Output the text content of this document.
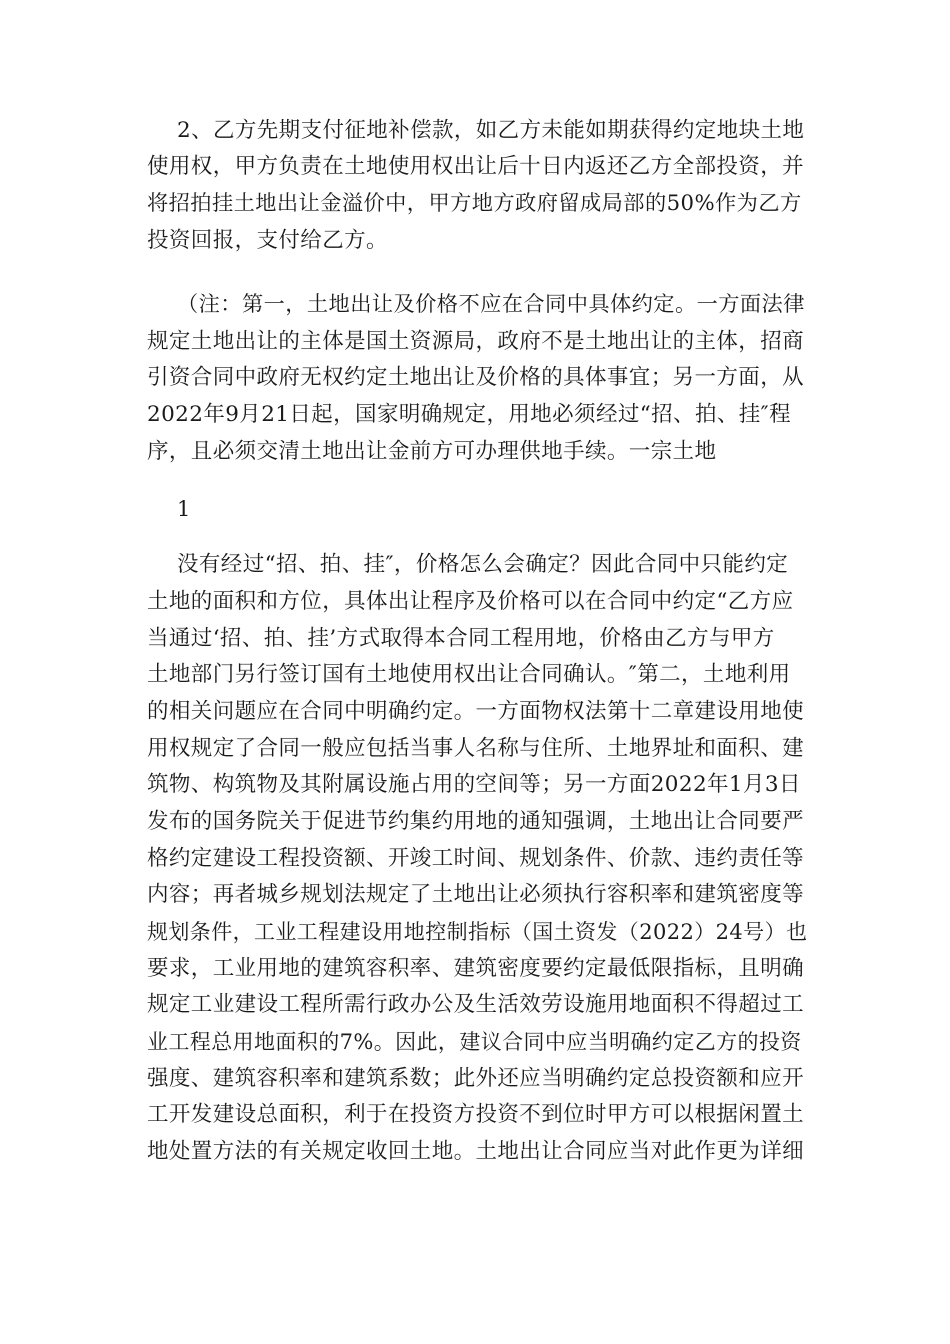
2、乙方先期支付征地补偿款，如乙方未能如期获得约定地块土地
使用权，甲方负责在土地使用权出让后十日内返还乙方全部投资，并
将招拍挂土地出让金溢价中，甲方地方政府留成局部的50%作为乙方
投资回报，支付给乙方。
（注：第一，土地出让及价格不应在合同中具体约定。一方面法律
规定土地出让的主体是国土资源局，政府不是土地出让的主体，招商
引资合同中政府无权约定土地出让及价格的具体事宜；另一方面，从
2022年9月21日起，国家明确规定，用地必须经过“招、拍、挂″程
序，且必须交清土地出让金前方可办理供地手续。一宗土地
1
没有经过“招、拍、挂″，价格怎么会确定？因此合同中只能约定
土地的面积和方位，具体出让程序及价格可以在合同中约定“乙方应
当通过‘招、拍、挂’方式取得本合同工程用地，价格由乙方与甲方
土地部门另行签订国有土地使用权出让合同确认。″第二，土地利用
的相关问题应在合同中明确约定。一方面物权法第十二章建设用地使
用权规定了合同一般应包括当事人名称与住所、土地界址和面积、建
筑物、构筑物及其附属设施占用的空间等；另一方面2022年1月3日
发布的国务院关于促进节约集约用地的通知强调，土地出让合同要严
格约定建设工程投资额、开竣工时间、规划条件、价款、违约责任等
内容；再者城乡规划法规定了土地出让必须执行容积率和建筑密度等
规划条件，工业工程建设用地控制指标（国土资发（2022）24号）也
要求，工业用地的建筑容积率、建筑密度要约定最低限指标，且明确
规定工业建设工程所需行政办公及生活效劳设施用地面积不得超过工
业工程总用地面积的7%。因此，建议合同中应当明确约定乙方的投资
强度、建筑容积率和建筑系数；此外还应当明确约定总投资额和应开
工开发建设总面积，利于在投资方投资不到位时甲方可以根据闲置土
地处置方法的有关规定收回土地。土地出让合同应当对此作更为详细
